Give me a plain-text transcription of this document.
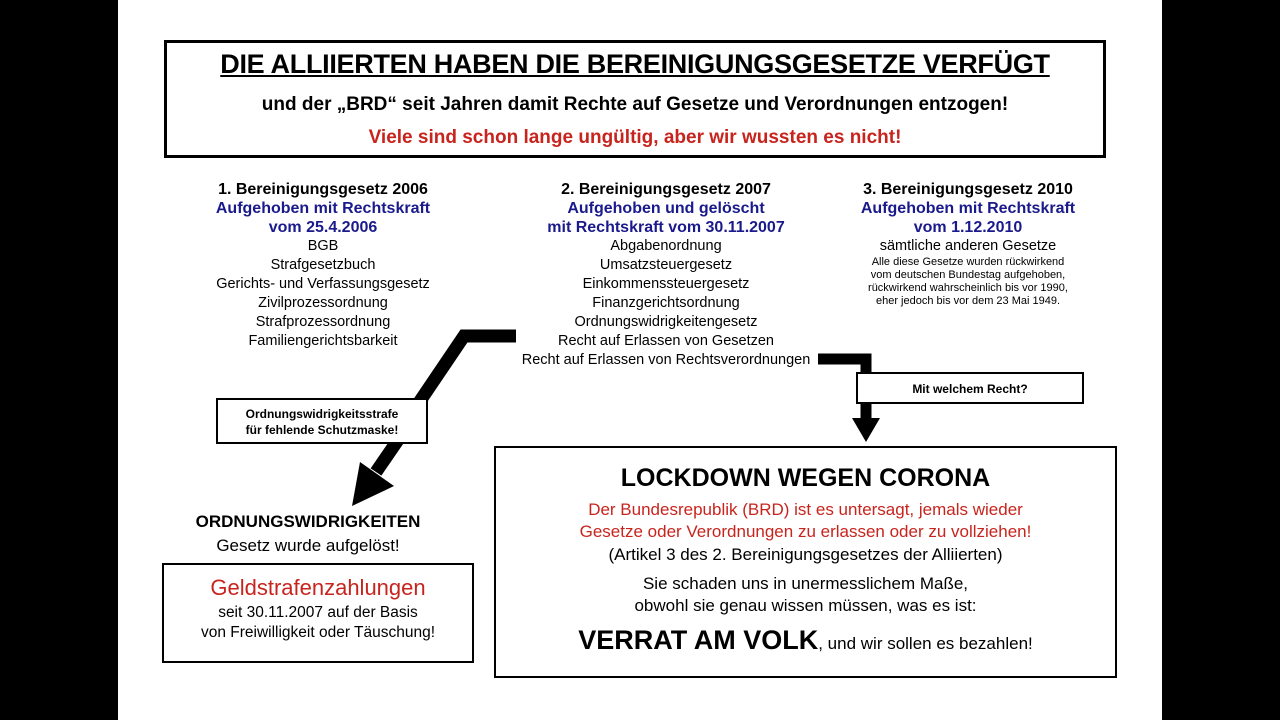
DIE ALLIIERTEN HABEN DIE BEREINIGUNGSGESETZE VERFÜGT
und der „BRD“ seit Jahren damit Rechte auf Gesetze und Verordnungen entzogen!
Viele sind schon lange ungültig, aber wir wussten es nicht!
1. Bereinigungsgesetz 2006
Aufgehoben mit Rechtskraft
vom 25.4.2006
BGB
Strafgesetzbuch
Gerichts- und Verfassungsgesetz
Zivilprozessordnung
Strafprozessordnung
Familiengerichtsbarkeit
2. Bereinigungsgesetz 2007
Aufgehoben und gelöscht
mit Rechtskraft vom 30.11.2007
Abgabenordnung
Umsatzsteuergesetz
Einkommenssteuergesetz
Finanzgerichtsordnung
Ordnungswidrigkeitengesetz
Recht auf Erlassen von Gesetzen
Recht auf Erlassen von Rechtsverordnungen
3. Bereinigungsgesetz 2010
Aufgehoben mit Rechtskraft
vom 1.12.2010
sämtliche anderen Gesetze
Alle diese Gesetze wurden rückwirkend
vom deutschen Bundestag aufgehoben,
rückwirkend wahrscheinlich bis vor 1990,
eher jedoch bis vor dem 23 Mai 1949.
Ordnungswidrigkeitsstrafe
für fehlende Schutzmaske!
Mit welchem Recht?
ORDNUNGSWIDRIGKEITEN
Gesetz wurde aufgelöst!
Geldstrafenzahlungen
seit 30.11.2007 auf der Basis
von Freiwilligkeit oder Täuschung!
LOCKDOWN WEGEN CORONA
Der Bundesrepublik (BRD) ist es untersagt, jemals wieder
Gesetze oder Verordnungen zu erlassen oder zu vollziehen!
(Artikel 3 des 2. Bereinigungsgesetzes der Alliierten)
Sie schaden uns in unermesslichem Maße,
obwohl sie genau wissen müssen, was es ist:
VERRAT AM VOLK, und wir sollen es bezahlen!
